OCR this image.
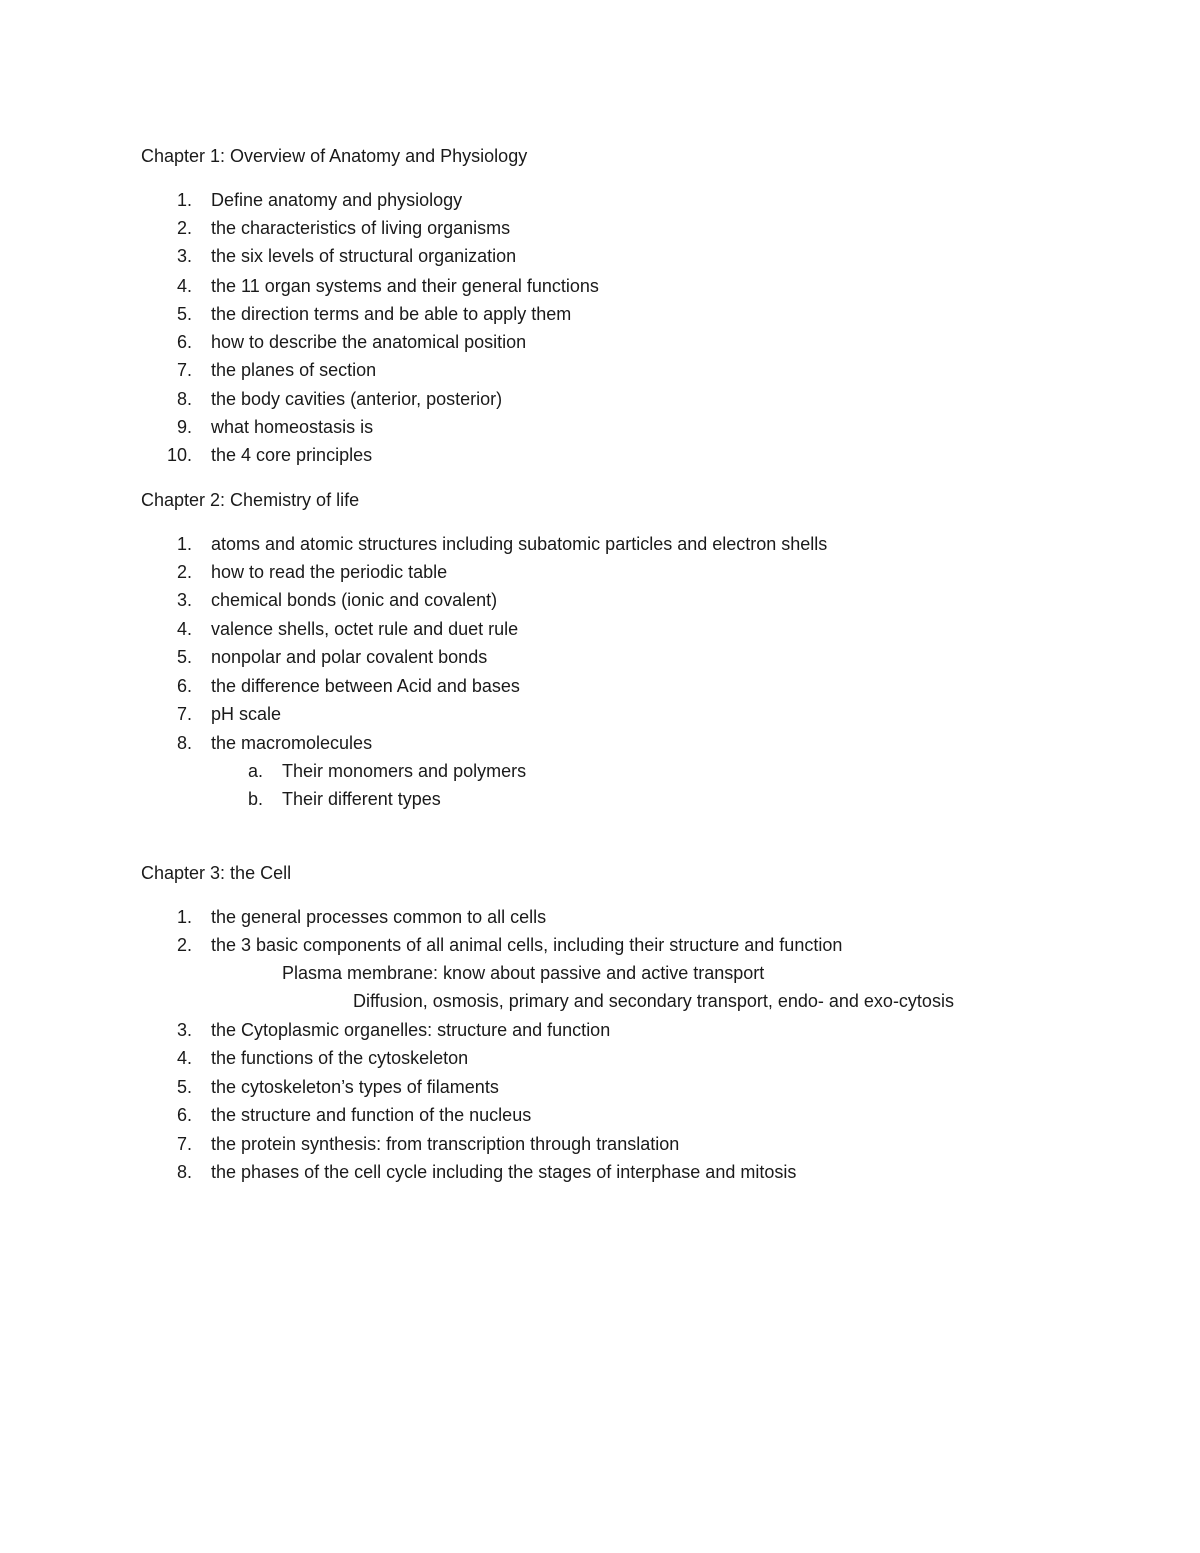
Chapter 1: Overview of Anatomy and Physiology
1. Define anatomy and physiology
2. the characteristics of living organisms
3. the six levels of structural organization
4. the 11 organ systems and their general functions
5. the direction terms and be able to apply them
6. how to describe the anatomical position
7. the planes of section
8. the body cavities (anterior, posterior)
9. what homeostasis is
10. the 4 core principles
Chapter 2: Chemistry of life
1. atoms and atomic structures including subatomic particles and electron shells
2. how to read the periodic table
3. chemical bonds (ionic and covalent)
4. valence shells, octet rule and duet rule
5. nonpolar and polar covalent bonds
6. the difference between Acid and bases
7. pH scale
8. the macromolecules
a. Their monomers and polymers
b. Their different types
Chapter 3: the Cell
1. the general processes common to all cells
2. the 3 basic components of all animal cells, including their structure and function
Plasma membrane: know about passive and active transport
Diffusion, osmosis, primary and secondary transport, endo- and exo-cytosis
3. the Cytoplasmic organelles: structure and function
4. the functions of the cytoskeleton
5. the cytoskeleton’s types of filaments
6. the structure and function of the nucleus
7. the protein synthesis: from transcription through translation
8. the phases of the cell cycle including the stages of interphase and mitosis
